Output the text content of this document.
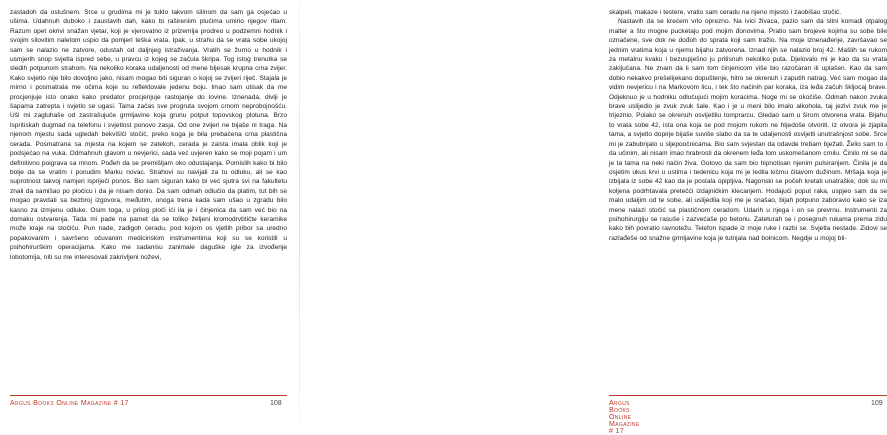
zastadoh da oslušnem. Srce u grudima mi je tuklo takvom silinom da sam ga osjećao u ušima. Udahnuh duboko i zaustavih dah, kako bi rašireniim plućima umirio njegov ritam. Razum opet okrivi snažan vjetar, koji je vjerovatno iz prizemlja prodreo u podzemni hodnik i svojim silovitim naletom uspio da pomjeri teška vrata. Ipak, u strahu da se vrata sobe ukojoj sam se nalazio ne zatvore, odustah od daljnjeg istraživanja. Vratih se žurno u hodnik i usmjerih snop svjetla ispred sebe, u pravcu iz kojeg se začula škripa. Tog istog trenutka se sledih potpunom strahom. Na nekoliko koraka udaljenosti od mene bljesak krupna crna zvijer. Kako svjetlo nije bilo dovoljno jako, nisam mogao biti siguran o kojoj se zvijeri riječ. Stajala je mirno i posmatrala me očima koje su reflektovale jedenu boju. Imao sam utisak da me procjenjuje isto onako kako predator procjenjuje rastojanje do lovine. Iznenada, divlji je šapama zatrepta i svjetlo se ugasi. Tama začas sve progruta svojom crnom neprobojnošću. Uši mi zagluhaše od zastrašujuće grmljavine koja grunu potput topovskog plotuna. Brzo ispritiskah dugmad na telefonu i svjetlost ponovo zasja. Od one zvijeri ne bijaše ni traga. Na njenom mjestu sada ugledah bekvišlći stočić, preko koga je bila prebačena crna plastična cerada. Posmatrana sa mjesta na kojem se zatekoh, cerada je zaista imala oblik koji je podsjećao na vuka. Odmahnuh glavom u nevjerici, sada već uvjeren kako se moji pojam i um definitivno poigrava sa mnom. Pođeh da se premišljam oko odustajanja. Pomislih kako bi bilo bolje da se vratim i ponudim Marku novac. Strahovi su navijali za tu odluku, ali se kao suprotnost takvoj namjeri ispriječi ponos. Bio sam siguran kako bi već sjutra svi na fakultetu znali da samišao po pločicu i da je nisam donio. Da sam odmah odlučio da platim, tut bih se mogao pravdati sa bezbroj izgovora, međutim, onoga trena kada sam ušao u zgradu bilo kasno za izmjenu odluke. Osim toga, u prilog ploči ići ila je i činjenica da sam već bio na domaku ostvarenja. Tada mi pade na pamet da se toliko željeni kromodrvbtičte keramike može kraje na stočiću. Pun nade, zadigoh ceradu, pod kojom os vjetlih pribor sa uredno popakovanim i savršeno očuvanim medicinskim instrumentima koji su se koristili u psihohirurškim operacijama. Kako me sadanisu zanimale daguške igle za izvođenje lobotomija, niti su me interesovali zakrivljeni noževi,

Argus Books Online Magazine # 17	108

skalpeli, makaze i testere, vratio sam ceradu na njeno mjesto i zaobišao stočić.

Nastavih da se krećem vrlo oprezno. Na ivici živaca, pazio sam da sitni komadi otpalog malter a što mogne pucketaju pod mojim đonovima. Pratio sam brojeve kojima su sobe bile označene, sve dok ne dođoh do sprata koji sam tražio. Na moje iznenađenje, završavao se jednim vratima koja u njemu bijahu zatvorena. Iznad njih se nalazio broj 42. Mašlih se rukom za metalnu kvaku i bezuspješno ju pritisnuh nekoliko puta. Djelovalo mi je kao da su vrata zaključana. Ne znam da li sam tom činjenicom više bio razočaran ili uplašen. Kao da sam dobio nekakvo prešelijekano dopuštenje, hitro se okrenuh i zaputih natrag. Već sam mogao da vidim nevjericu i na Markovom licu, i tek što načinih par koraka, iza leđa začuh škljocaj brave. Odjeknuo je u hodniku odlučujući mojim koracima. Noge mi se okočiše. Odmah nakon zvuka brave uslijedio je zvuk zvuk šale. Kao i je u meni bilo imalo alkohola, taj jezivi zvuk me je trijeznio. Polako se okrenuh osvijetlilu tomprarcu. Gledao sam u širom otvorena vrata. Bijahu to vrata sobe 42, ista ona koja se pod mojom rukom ne htjedoše otvoriti. Iz otvora je zjapila tama, a svjetlo dopirje bijaše suviše slabo da sa te udaljenosti osvijetli unutrašnjost sobe. Srce mi je zabubnjalo u sljepoočnicama. Bio sam svjestan da odavde trebam bježati. Želio sam to i da učinim, ali nisam imao hrabrosti da okrenem leđa tom uskomešanom crnilu. Činilo mi se da je ta tama na neki način živa. Gotovo da sam bio hipnotisan njenim pulsiranjem. Činila je da osjetim ukus krvi u ustima i tedenicu koja mi je ledila kičmu čitavom dužinom. Mršaja koja je izbijala iz sobe 42 kao da je postala opipljiva. Nagonski se počeh kretati unatraške, dok su mi koljena podrhtavala pretečći izdajničkim klecanjem. Hodajući poput raka, uspjeo sam da se malo udaljim od te sobe, ali uslijedila koji me je snašao, bijah potpuno zaboravio kako se iza mene nalazi stočić sa plastičnom ceradom. Udarih u njega i on se prevrnu. Instrumenti za psihohirurgiju se rasuše i zazvećaše po betonu. Zateturah se i posegnuh rukama prema zidu kako bih povratio ravnotežu. Telefon ispade iz moje ruke i razbi se. Svjetla nestade. Zidovi se razlađeše od snažne grmljavine koja je tutnjala nad bolnicom. Negdje u mojoj bli-

Argus Books Online Magazine # 17
109
